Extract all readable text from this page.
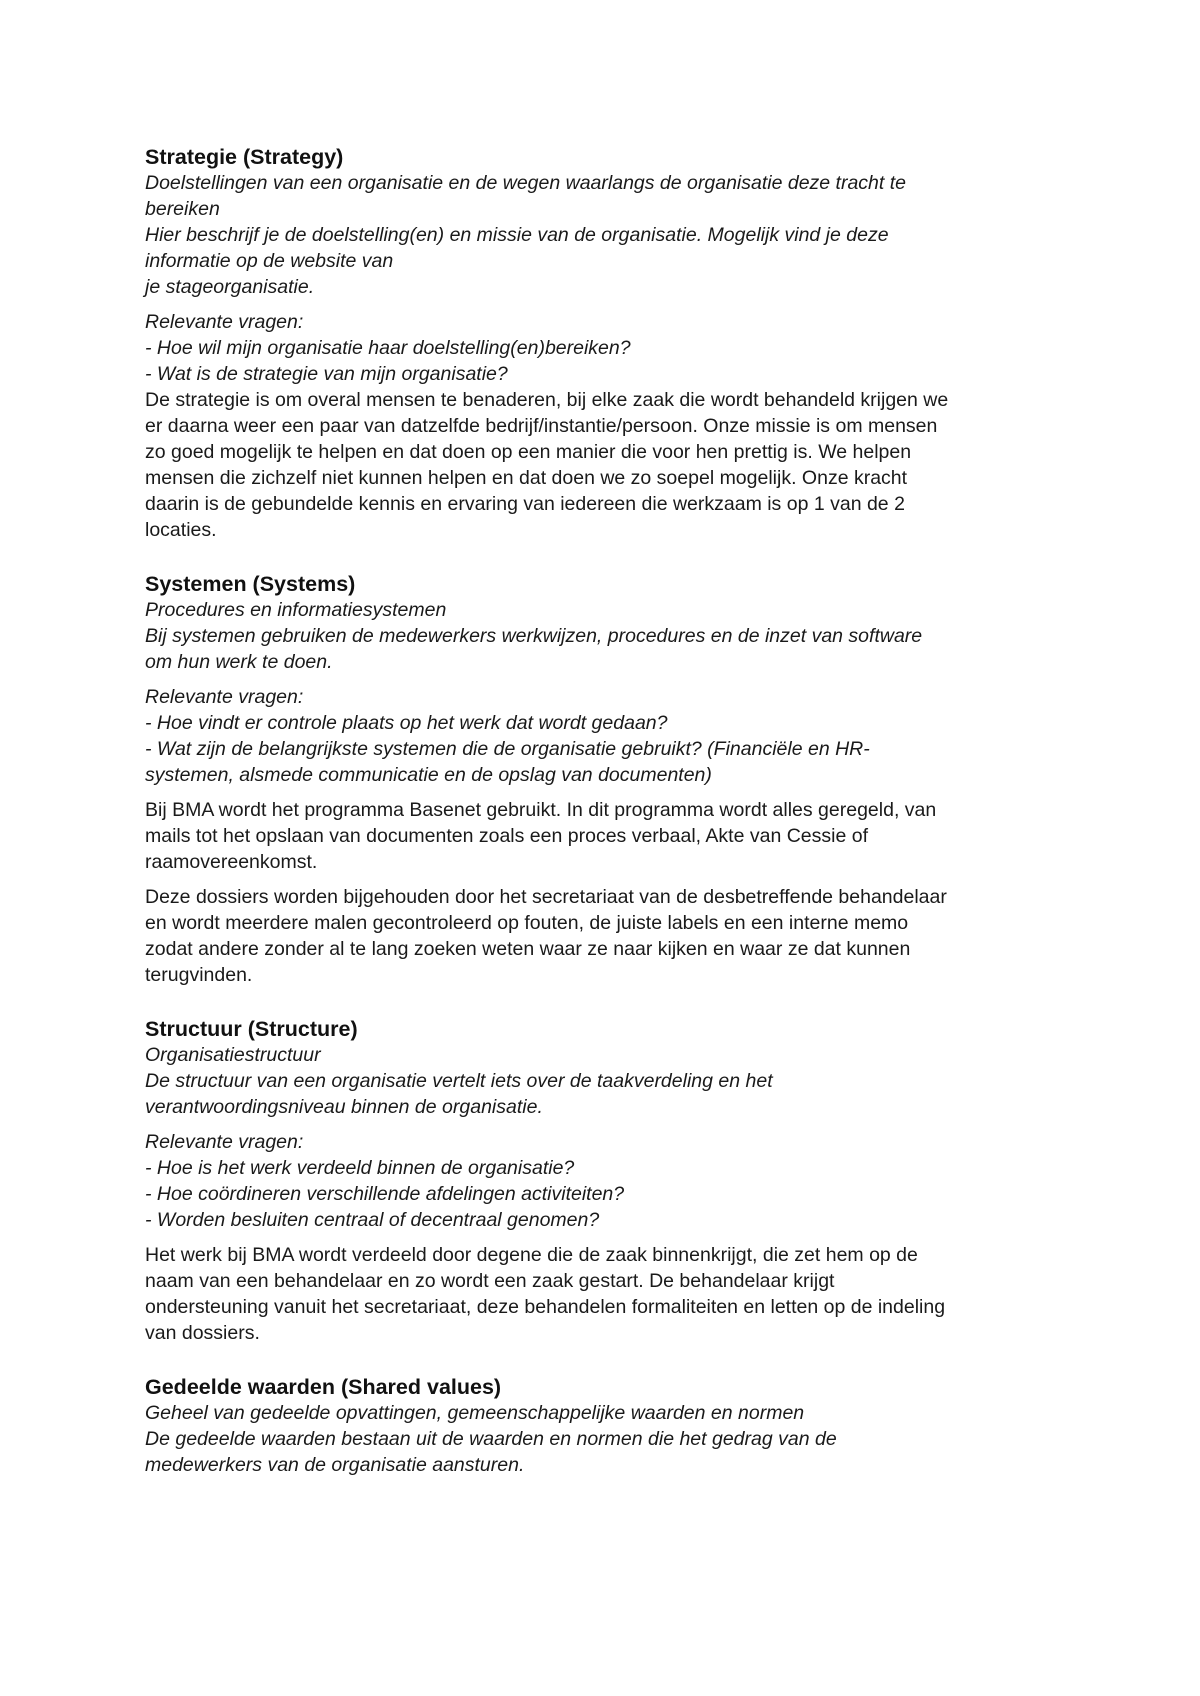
Strategie (Strategy)
Doelstellingen van een organisatie en de wegen waarlangs de organisatie deze tracht te
bereiken
Hier beschrijf je de doelstelling(en) en missie van de organisatie. Mogelijk vind je deze
informatie op de website van
je stageorganisatie.
Relevante vragen:
- Hoe wil mijn organisatie haar doelstelling(en)bereiken?
- Wat is de strategie van mijn organisatie?
De strategie is om overal mensen te benaderen, bij elke zaak die wordt behandeld krijgen we
er daarna weer een paar van datzelfde bedrijf/instantie/persoon. Onze missie is om mensen
zo goed mogelijk te helpen en dat doen op een manier die voor hen prettig is. We helpen
mensen die zichzelf niet kunnen helpen en dat doen we zo soepel mogelijk. Onze kracht
daarin is de gebundelde kennis en ervaring van iedereen die werkzaam is op 1 van de 2
locaties.
Systemen (Systems)
Procedures en informatiesystemen
Bij systemen gebruiken de medewerkers werkwijzen, procedures en de inzet van software
om hun werk te doen.
Relevante vragen:
- Hoe vindt er controle plaats op het werk dat wordt gedaan?
- Wat zijn de belangrijkste systemen die de organisatie gebruikt? (Financiële en HR-
systemen, alsmede communicatie en de opslag van documenten)
Bij BMA wordt het programma Basenet gebruikt. In dit programma wordt alles geregeld, van
mails tot het opslaan van documenten zoals een proces verbaal, Akte van Cessie of
raamovereenkomst.
Deze dossiers worden bijgehouden door het secretariaat van de desbetreffende behandelaar
en wordt meerdere malen gecontroleerd op fouten, de juiste labels en een interne memo
zodat andere zonder al te lang zoeken weten waar ze naar kijken en waar ze dat kunnen
terugvinden.
Structuur (Structure)
Organisatiestructuur
De structuur van een organisatie vertelt iets over de taakverdeling en het
verantwoordingsniveau binnen de organisatie.
Relevante vragen:
- Hoe is het werk verdeeld binnen de organisatie?
- Hoe coördineren verschillende afdelingen activiteiten?
- Worden besluiten centraal of decentraal genomen?
Het werk bij BMA wordt verdeeld door degene die de zaak binnenkrijgt, die zet hem op de
naam van een behandelaar en zo wordt een zaak gestart. De behandelaar krijgt
ondersteuning vanuit het secretariaat, deze behandelen formaliteiten en letten op de indeling
van dossiers.
Gedeelde waarden (Shared values)
Geheel van gedeelde opvattingen, gemeenschappelijke waarden en normen
De gedeelde waarden bestaan uit de waarden en normen die het gedrag van de
medewerkers van de organisatie aansturen.
